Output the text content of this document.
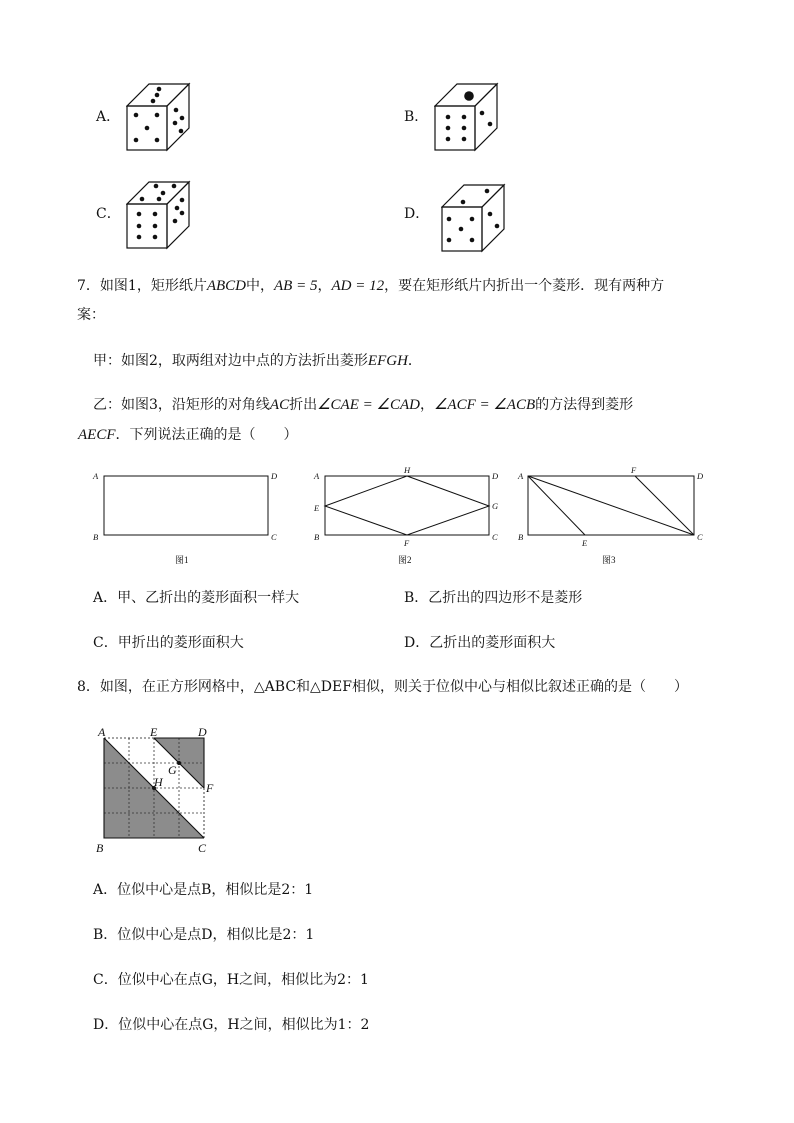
A．	B．
C．	D．
7．如图1，矩形纸片ABCD中，AB = 5，AD = 12，要在矩形纸片内折出一个菱形．现有两种方
案：
甲：如图2，取两组对边中点的方法折出菱形EFGH．
乙：如图3，沿矩形的对角线AC折出∠CAE = ∠CAD，∠ACF = ∠ACB的方法得到菱形
AECF．下列说法正确的是（　　）
A	D
B	C
A
H
D
E	G
B
F
C
A
F
D
B
E
C
图1	图2	图3
A．甲、乙折出的菱形面积一样大	B．乙折出的四边形不是菱形
C．甲折出的菱形面积大	D．乙折出的菱形面积大
8．如图，在正方形网格中，△ABC和△DEF相似，则关于位似中心与相似比叙述正确的是（　　）
A	E	D
G
H	F
B	C
A．位似中心是点B，相似比是2：1
B．位似中心是点D，相似比是2：1
C．位似中心在点G，H之间，相似比为2：1
D．位似中心在点G，H之间，相似比为1：2
